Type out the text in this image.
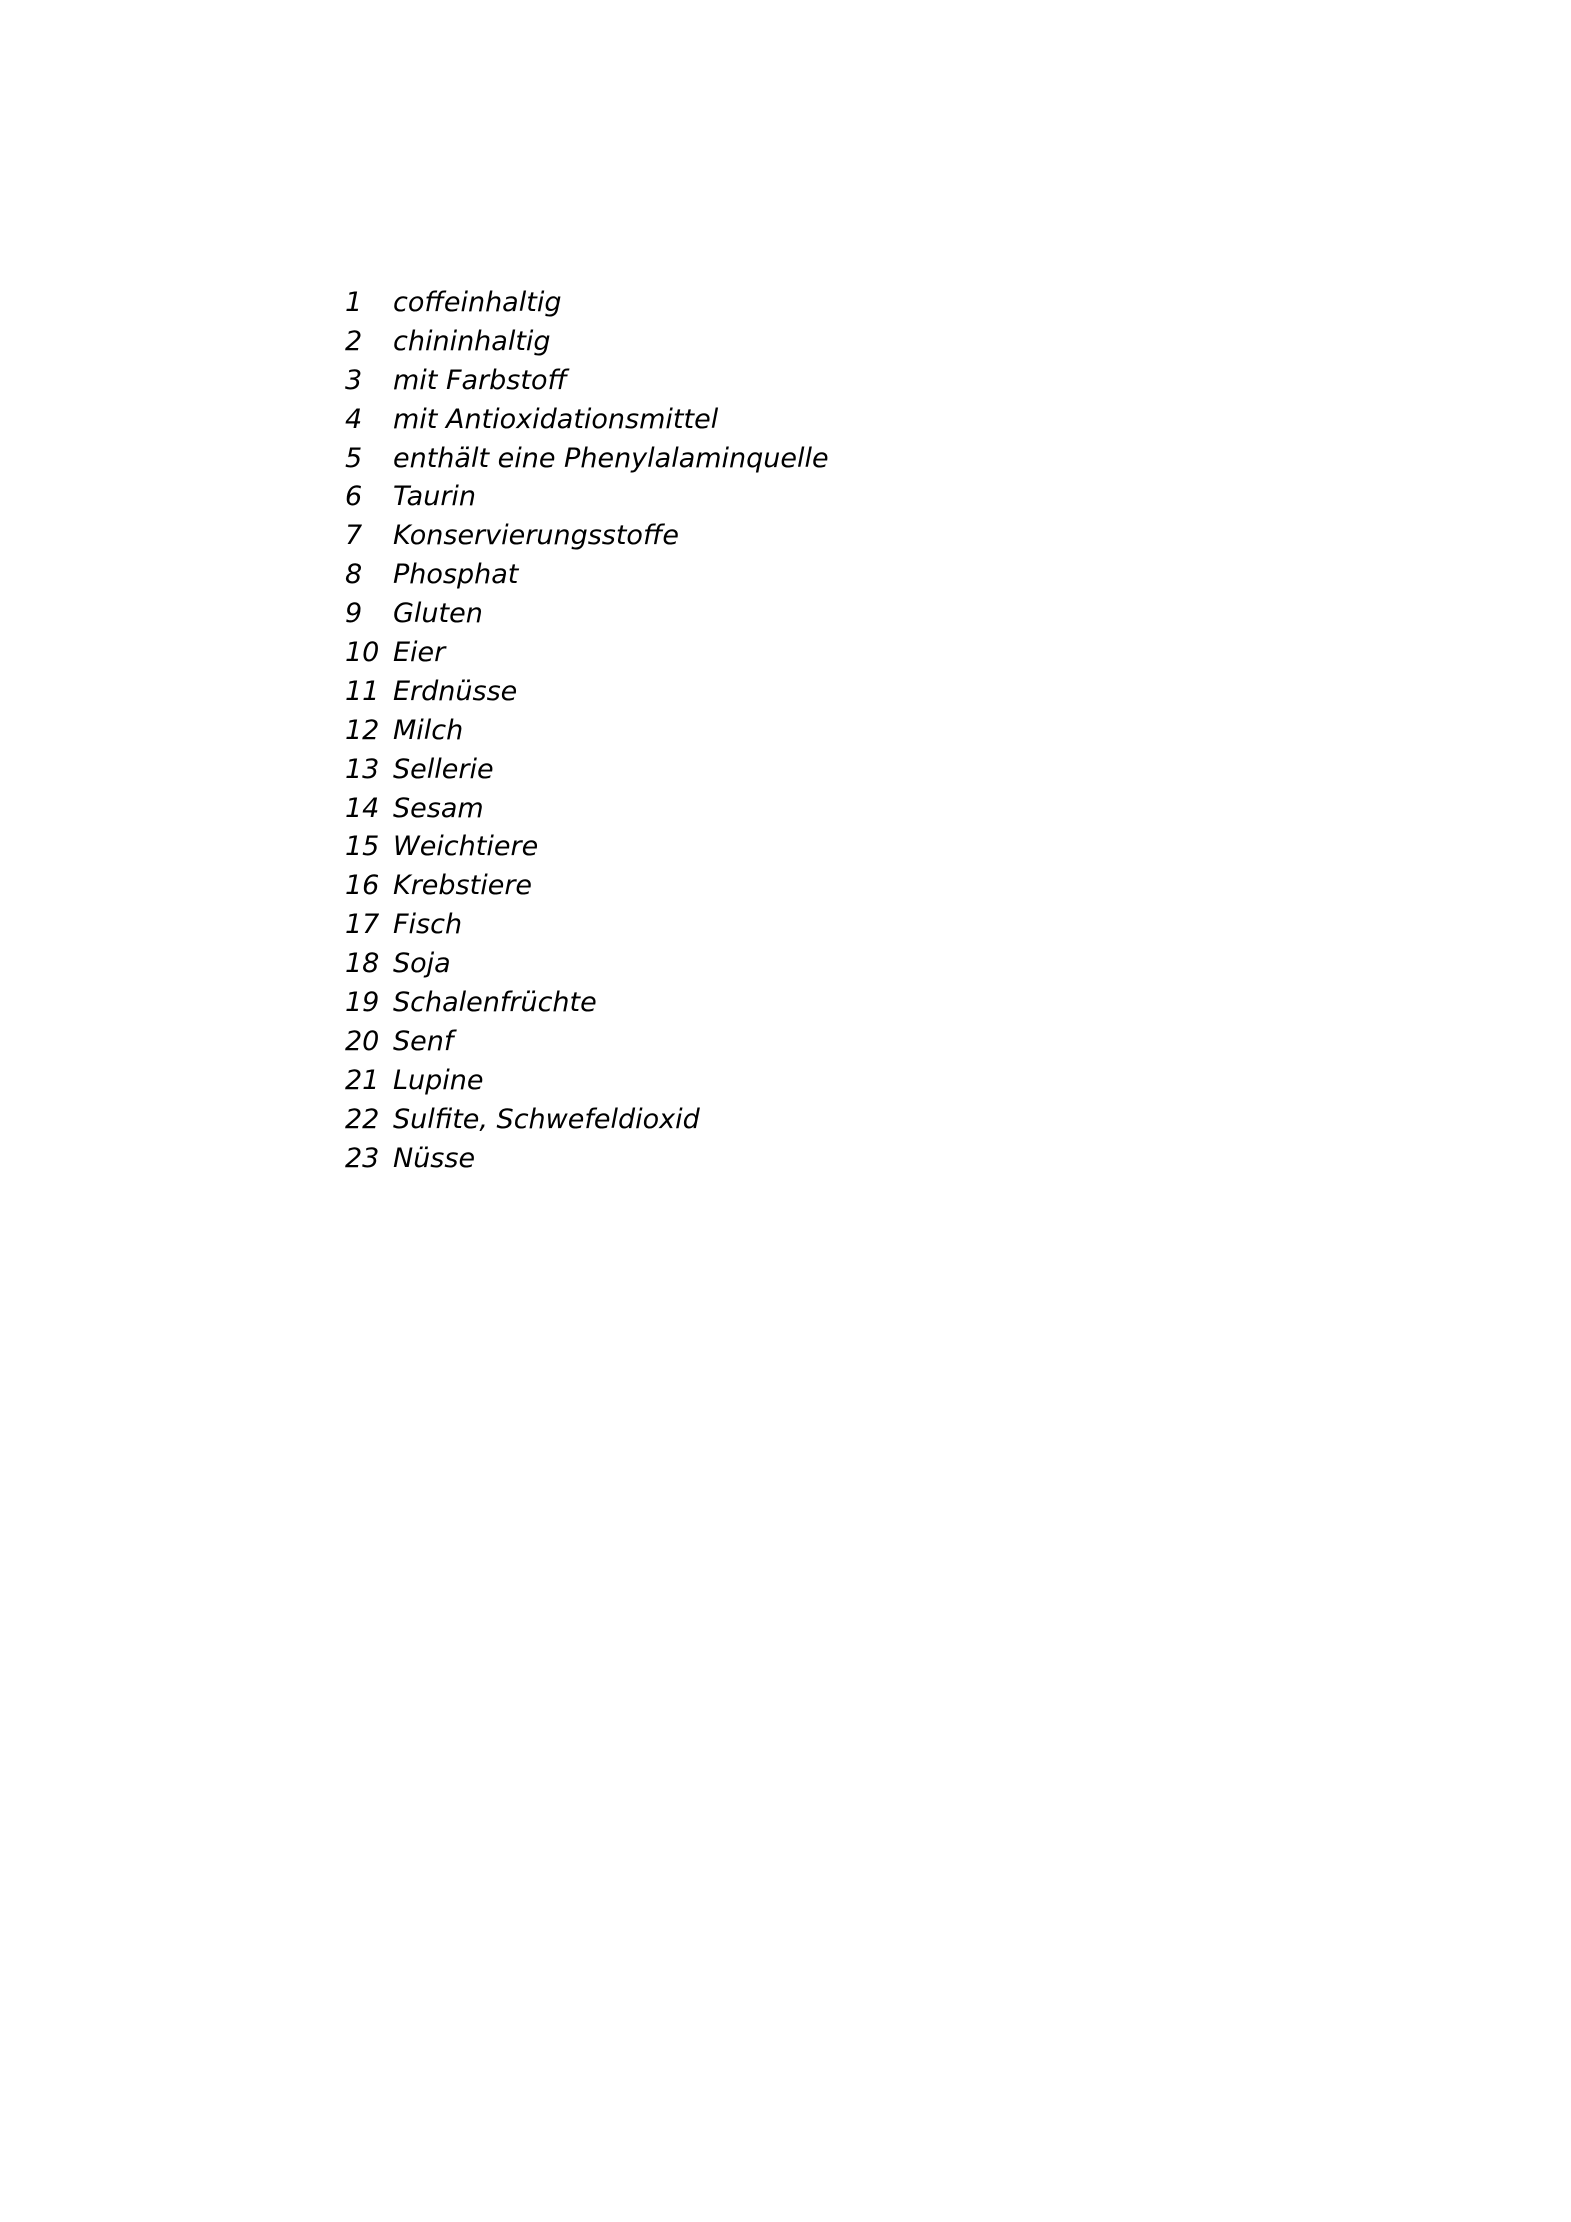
1	coffeinhaltig
2	chininhaltig
3	mit Farbstoff
4	mit Antioxidationsmittel
5	enthält eine Phenylalaminquelle
6	Taurin
7	Konservierungsstoffe
8	Phosphat
9	Gluten
10 Eier
11 Erdnüsse
12 Milch
13 Sellerie
14 Sesam
15 Weichtiere
16 Krebstiere
17 Fisch
18 Soja
19 Schalenfrüchte
20 Senf
21 Lupine
22 Sulfite, Schwefeldioxid
23 Nüsse
